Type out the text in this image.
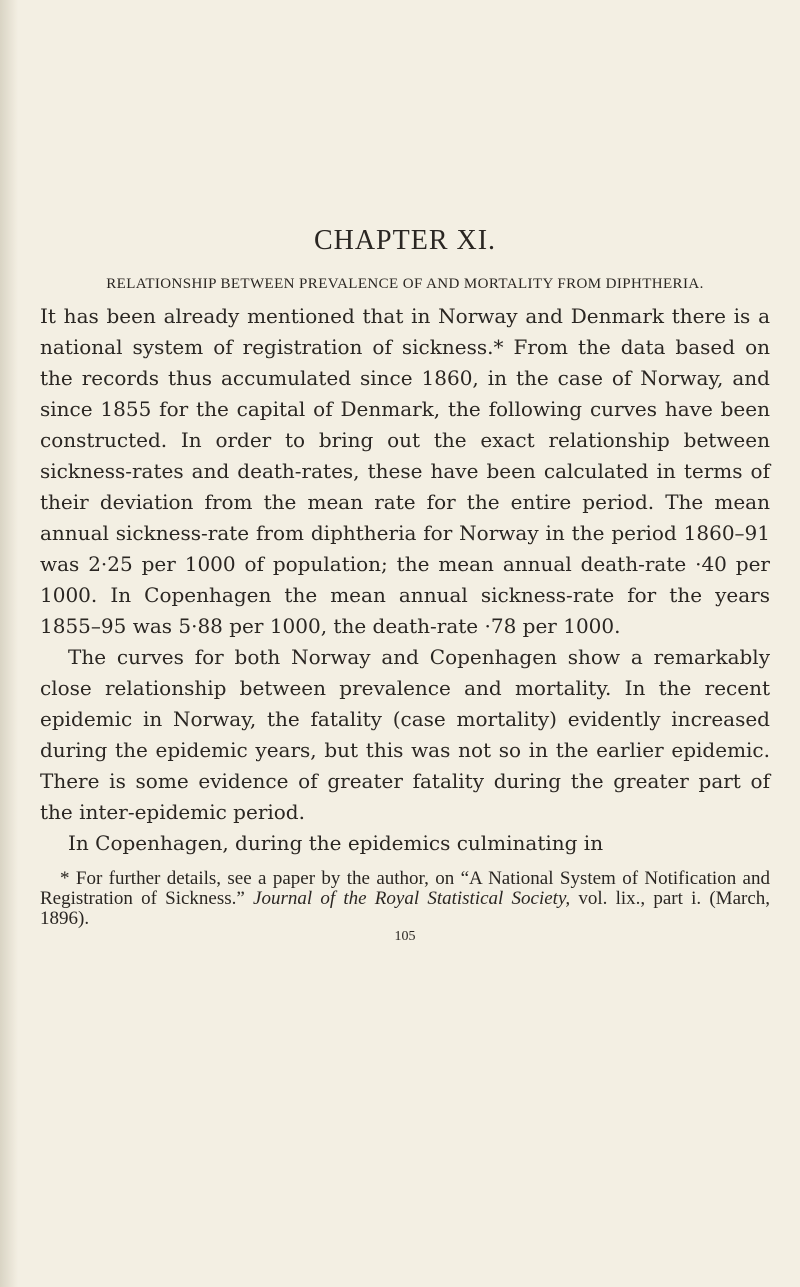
CHAPTER XI.
RELATIONSHIP BETWEEN PREVALENCE OF AND MORTALITY FROM DIPHTHERIA.

It has been already mentioned that in Norway and Denmark there is a national system of registration of sickness.* From the data based on the records thus accumulated since 1860, in the case of Norway, and since 1855 for the capital of Denmark, the following curves have been constructed. In order to bring out the exact relationship between sickness-rates and death-rates, these have been calculated in terms of their deviation from the mean rate for the entire period. The mean annual sickness-rate from diphtheria for Norway in the period 1860–91 was 2·25 per 1000 of population; the mean annual death-rate ·40 per 1000. In Copenhagen the mean annual sickness-rate for the years 1855–95 was 5·88 per 1000, the death-rate ·78 per 1000.

The curves for both Norway and Copenhagen show a remarkably close relationship between prevalence and mortality. In the recent epidemic in Norway, the fatality (case mortality) evidently increased during the epidemic years, but this was not so in the earlier epidemic. There is some evidence of greater fatality during the greater part of the inter-epidemic period.

In Copenhagen, during the epidemics culminating in

* For further details, see a paper by the author, on “A National System of Notification and Registration of Sickness.” Journal of the Royal Statistical Society, vol. lix., part i. (March, 1896).

105
